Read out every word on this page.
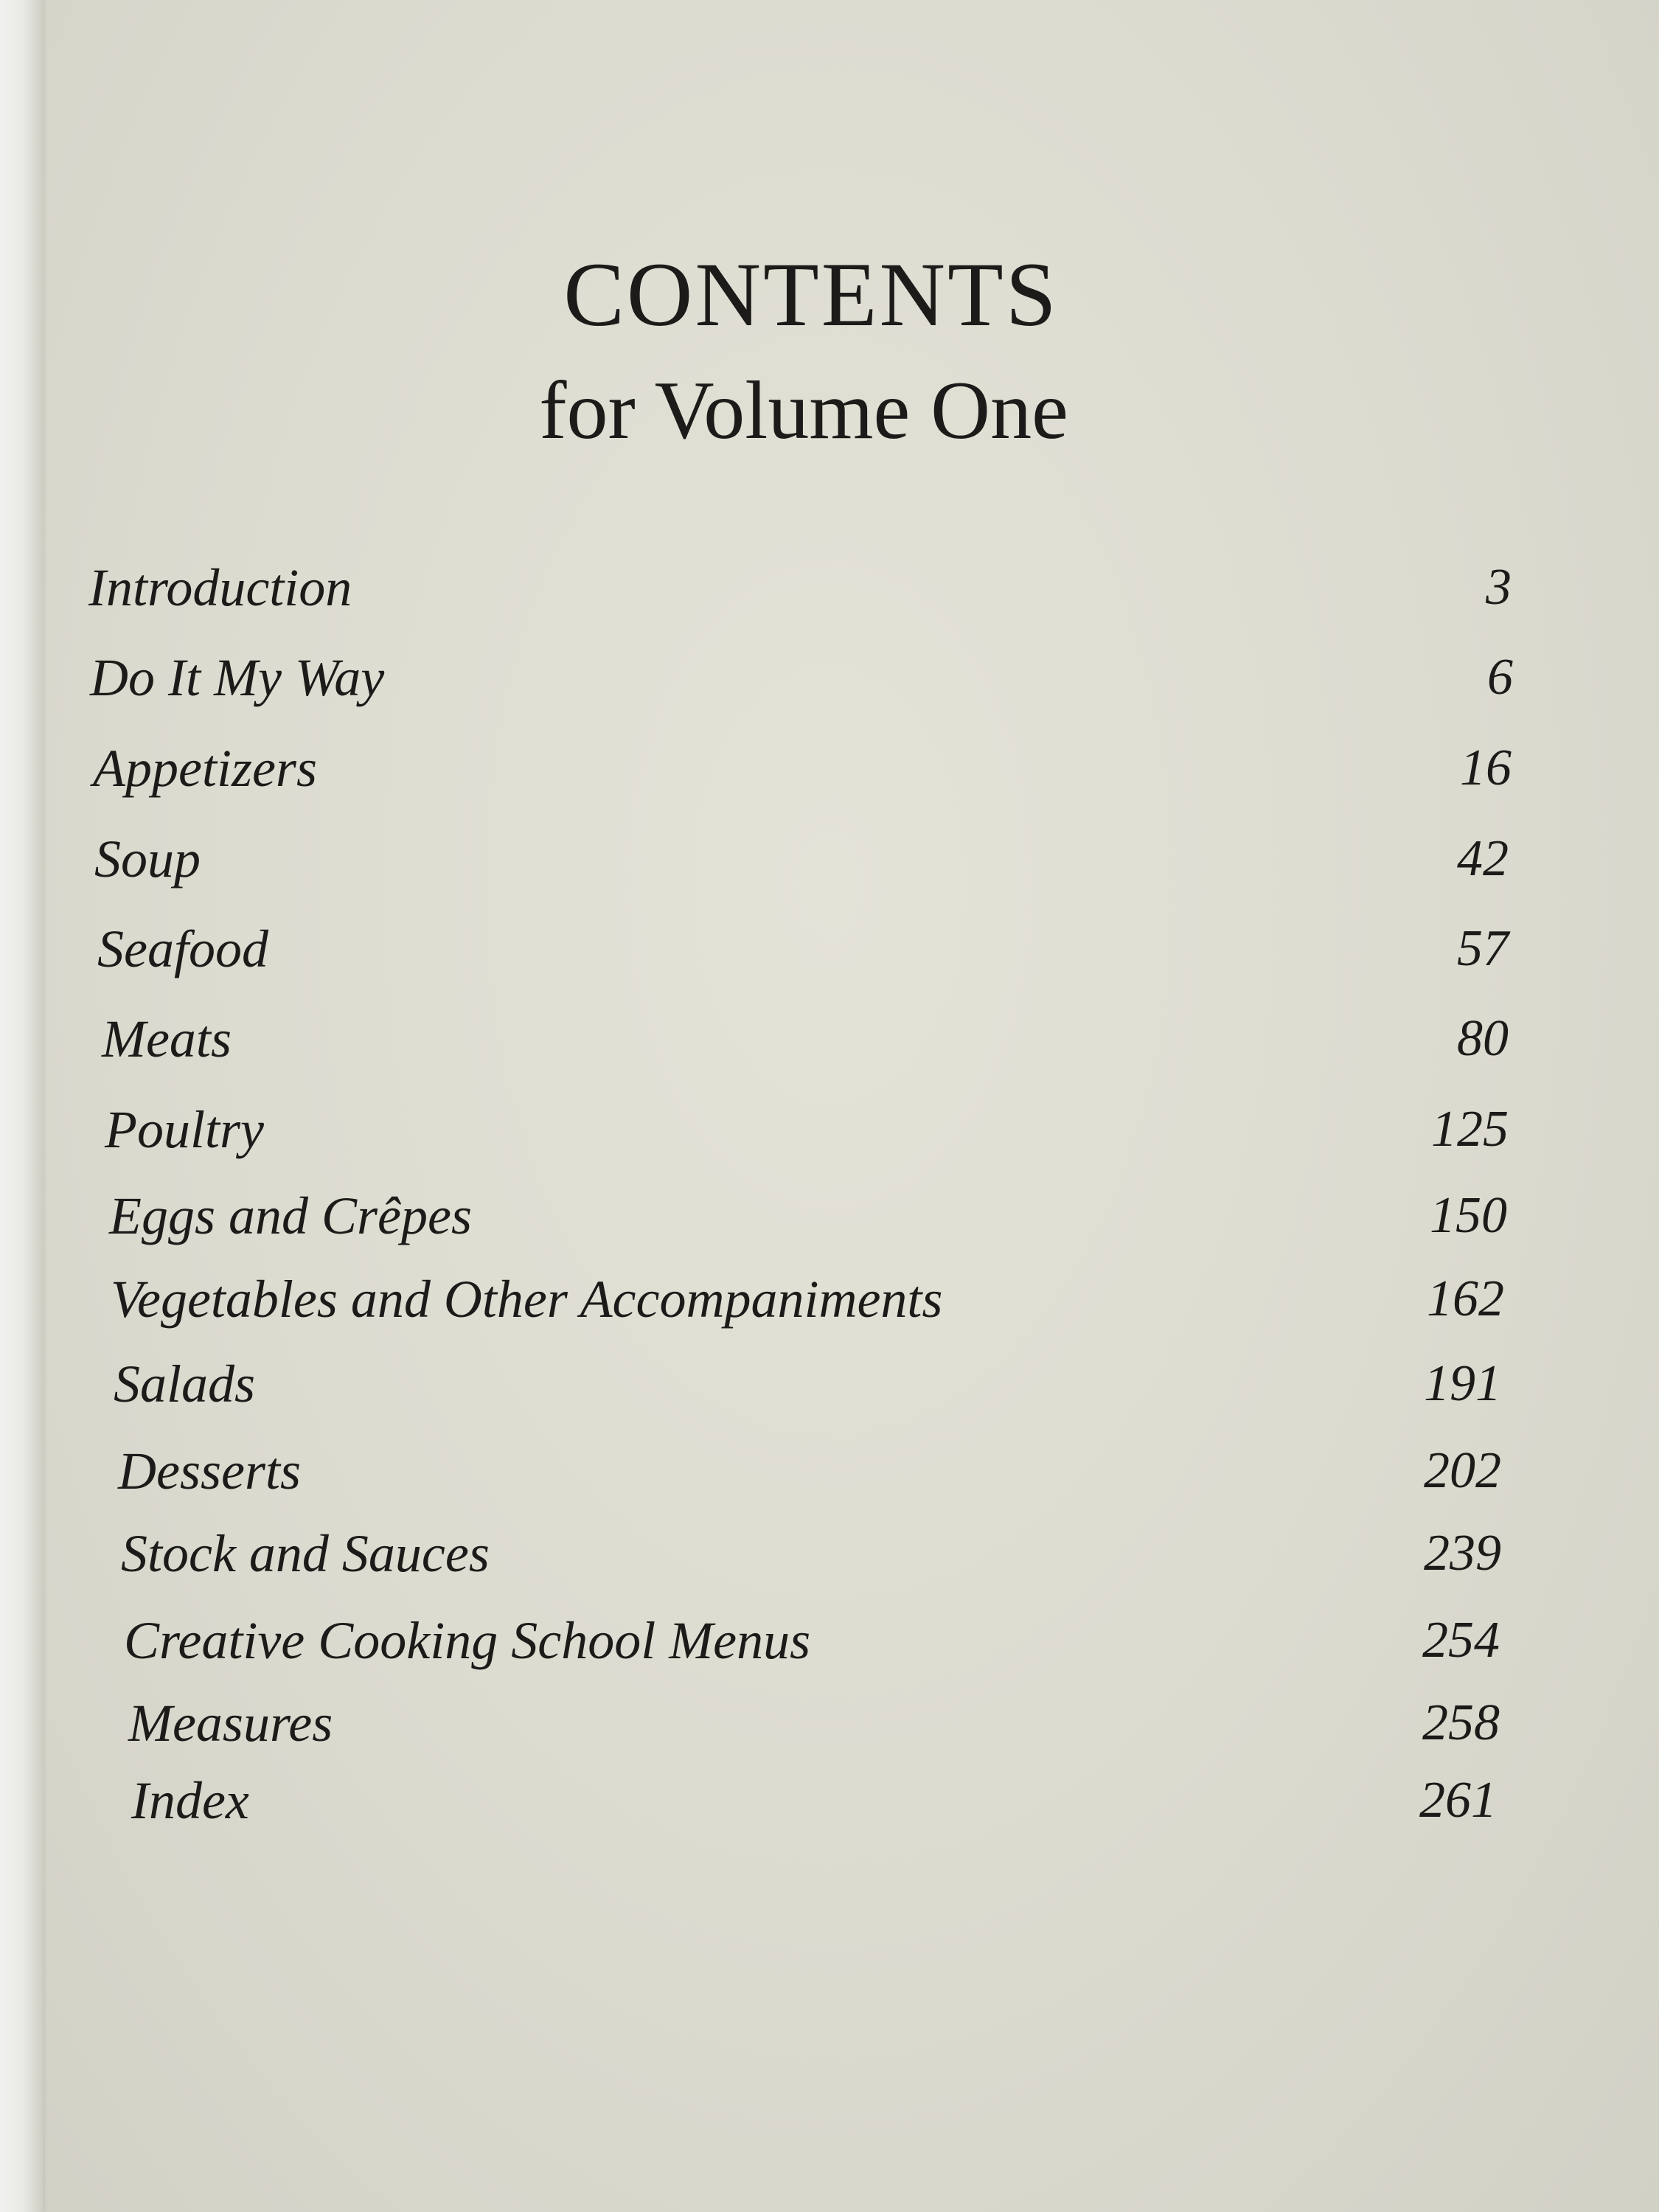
CONTENTS
for Volume One
Introduction	3
Do It My Way	6
Appetizers	16
Soup	42
Seafood	57
Meats	80
Poultry	125
Eggs and Crêpes	150
Vegetables and Other Accompaniments	162
Salads	191
Desserts	202
Stock and Sauces	239
Creative Cooking School Menus	254
Measures	258
Index	261
